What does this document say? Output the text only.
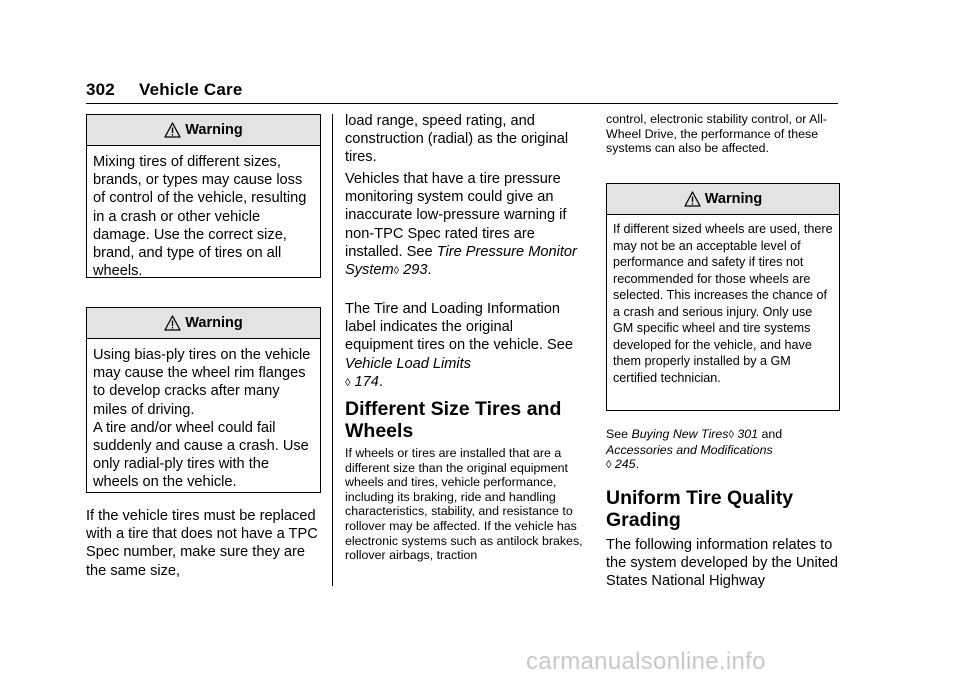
302 Vehicle Care
Warning

Mixing tires of different sizes, brands, or types may cause loss of control of the vehicle, resulting in a crash or other vehicle damage. Use the correct size, brand, and type of tires on all wheels.

Warning

Using bias-ply tires on the vehicle may cause the wheel rim flanges to develop cracks after many miles of driving.

A tire and/or wheel could fail suddenly and cause a crash. Use only radial-ply tires with the wheels on the vehicle.

If the vehicle tires must be replaced with a tire that does not have a TPC Spec number, make sure they are the same size,

load range, speed rating, and construction (radial) as the original tires.

Vehicles that have a tire pressure monitoring system could give an inaccurate low-pressure warning if non-TPC Spec rated tires are installed. See Tire Pressure Monitor System◊ 293.

The Tire and Loading Information label indicates the original equipment tires on the vehicle. See Vehicle Load Limits
◊ 174.

Different Size Tires and Wheels

If wheels or tires are installed that are a different size than the original equipment wheels and tires, vehicle performance, including its braking, ride and handling characteristics, stability, and resistance to rollover may be affected. If the vehicle has electronic systems such as antilock brakes, rollover airbags, traction

control, electronic stability control, or All-Wheel Drive, the performance of these systems can also be affected.

Warning

If different sized wheels are used, there may not be an acceptable level of performance and safety if tires not recommended for those wheels are selected. This increases the chance of a crash and serious injury. Only use GM specific wheel and tire systems developed for the vehicle, and have them properly installed by a GM certified technician.

See Buying New Tires◊ 301 and
Accessories and Modifications
◊ 245.

Uniform Tire Quality Grading

The following information relates to the system developed by the United States National Highway

carmanualsonline.info
